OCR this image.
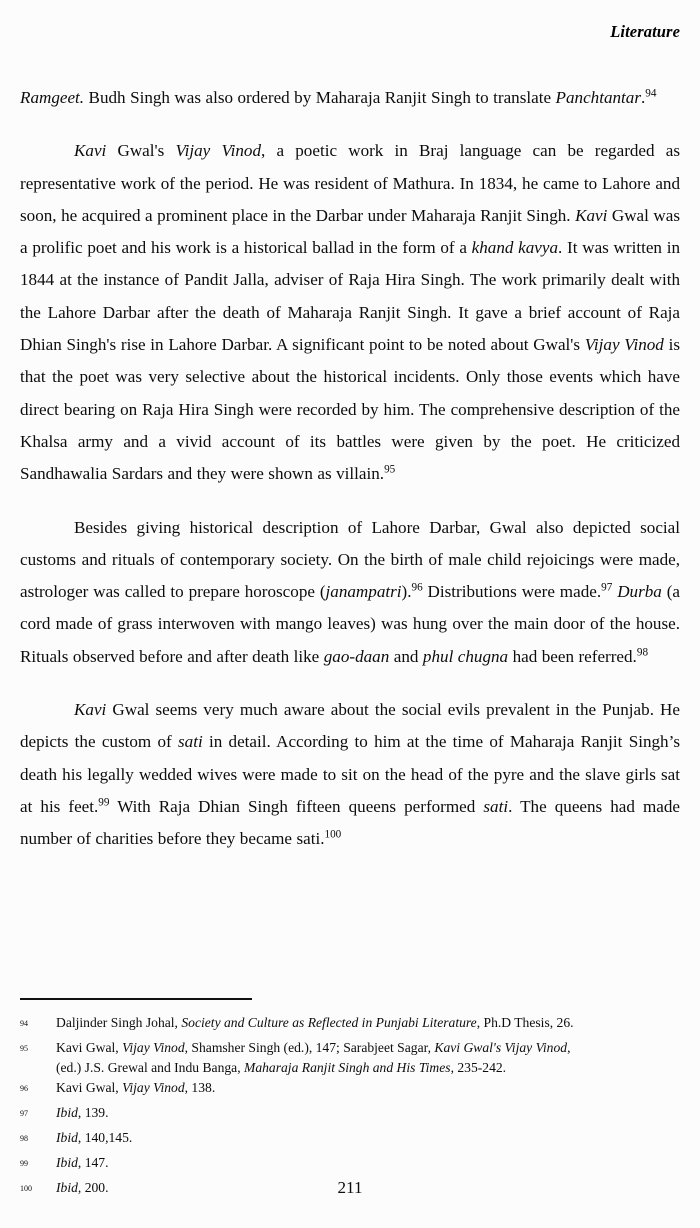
Literature

Ramgeet. Budh Singh was also ordered by Maharaja Ranjit Singh to translate Panchtantar.$^{94}$

Kavi Gwal's Vijay Vinod, a poetic work in Braj language can be regarded as representative work of the period. He was resident of Mathura. In 1834, he came to Lahore and soon, he acquired a prominent place in the Darbar under Maharaja Ranjit Singh. Kavi Gwal was a prolific poet and his work is a historical ballad in the form of a khand kavya. It was written in 1844 at the instance of Pandit Jalla, adviser of Raja Hira Singh. The work primarily dealt with the Lahore Darbar after the death of Maharaja Ranjit Singh. It gave a brief account of Raja Dhian Singh's rise in Lahore Darbar. A significant point to be noted about Gwal's Vijay Vinod is that the poet was very selective about the historical incidents. Only those events which have direct bearing on Raja Hira Singh were recorded by him. The comprehensive description of the Khalsa army and a vivid account of its battles were given by the poet. He criticized Sandhawalia Sardars and they were shown as villain.$^{95}$

Besides giving historical description of Lahore Darbar, Gwal also depicted social customs and rituals of contemporary society. On the birth of male child rejoicings were made, astrologer was called to prepare horoscope (janampatri).$^{96}$ Distributions were made.$^{97}$ Durba (a cord made of grass interwoven with mango leaves) was hung over the main door of the house. Rituals observed before and after death like gao-daan and phul chugna had been referred.$^{98}$

Kavi Gwal seems very much aware about the social evils prevalent in the Punjab. He depicts the custom of sati in detail. According to him at the time of Maharaja Ranjit Singh’s death his legally wedded wives were made to sit on the head of the pyre and the slave girls sat at his feet.$^{99}$ With Raja Dhian Singh fifteen queens performed sati. The queens had made number of charities before they became sati.$^{100}$

$^{94}$	Daljinder Singh Johal, Society and Culture as Reflected in Punjabi Literature, Ph.D Thesis, 26.
$^{95}$	Kavi Gwal, Vijay Vinod, Shamsher Singh (ed.), 147; Sarabjeet Sagar, Kavi Gwal's Vijay Vinod,
(ed.) J.S. Grewal and Indu Banga, Maharaja Ranjit Singh and His Times, 235-242.
$^{96}$	Kavi Gwal, Vijay Vinod, 138.
$^{97}$	Ibid, 139.
$^{98}$	Ibid, 140,145.
$^{99}$	Ibid, 147.
$^{100}$	Ibid, 200.	211
